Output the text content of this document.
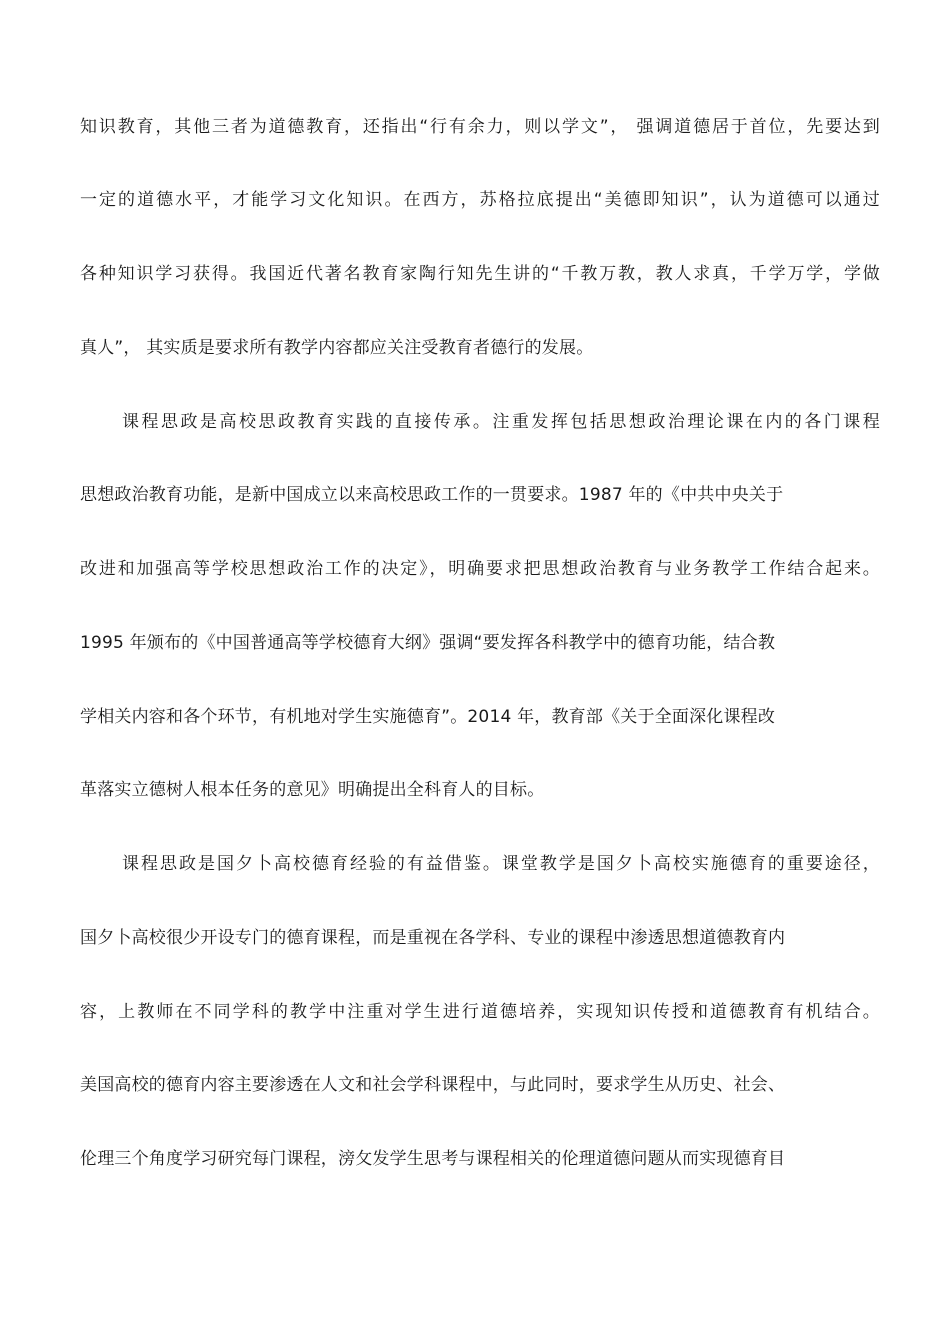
知识教育，其他三者为道德教育，还指出“行有余力，则以学文”， 强调道德居于首位，先要达到
一定的道德水平，才能学习文化知识。在西方，苏格拉底提出“美德即知识”，认为道德可以通过
各种知识学习获得。我国近代著名教育家陶行知先生讲的“千教万教，教人求真，千学万学，学做
真人”， 其实质是要求所有教学内容都应关注受教育者德行的发展。
课程思政是高校思政教育实践的直接传承。注重发挥包括思想政治理论课在内的各门课程
思想政治教育功能，是新中国成立以来高校思政工作的一贯要求。1987 年的《中共中央关于
改进和加强高等学校思想政治工作的决定》，明确要求把思想政治教育与业务教学工作结合起来。
1995 年颁布的《中国普通高等学校德育大纲》强调“要发挥各科教学中的德育功能，结合教
学相关内容和各个环节，有机地对学生实施德育”。2014 年，教育部《关于全面深化课程改
革落实立德树人根本任务的意见》明确提出全科育人的目标。
课程思政是国夕卜高校德育经验的有益借鉴。课堂教学是国夕卜高校实施德育的重要途径，
国夕卜高校很少开设专门的德育课程，而是重视在各学科、专业的课程中渗透思想道德教育内
容，上教师在不同学科的教学中注重对学生进行道德培养，实现知识传授和道德教育有机结合。
美国高校的德育内容主要渗透在人文和社会学科课程中，与此同时，要求学生从历史、社会、
伦理三个角度学习研究每门课程，滂攵发学生思考与课程相关的伦理道德问题从而实现德育目
